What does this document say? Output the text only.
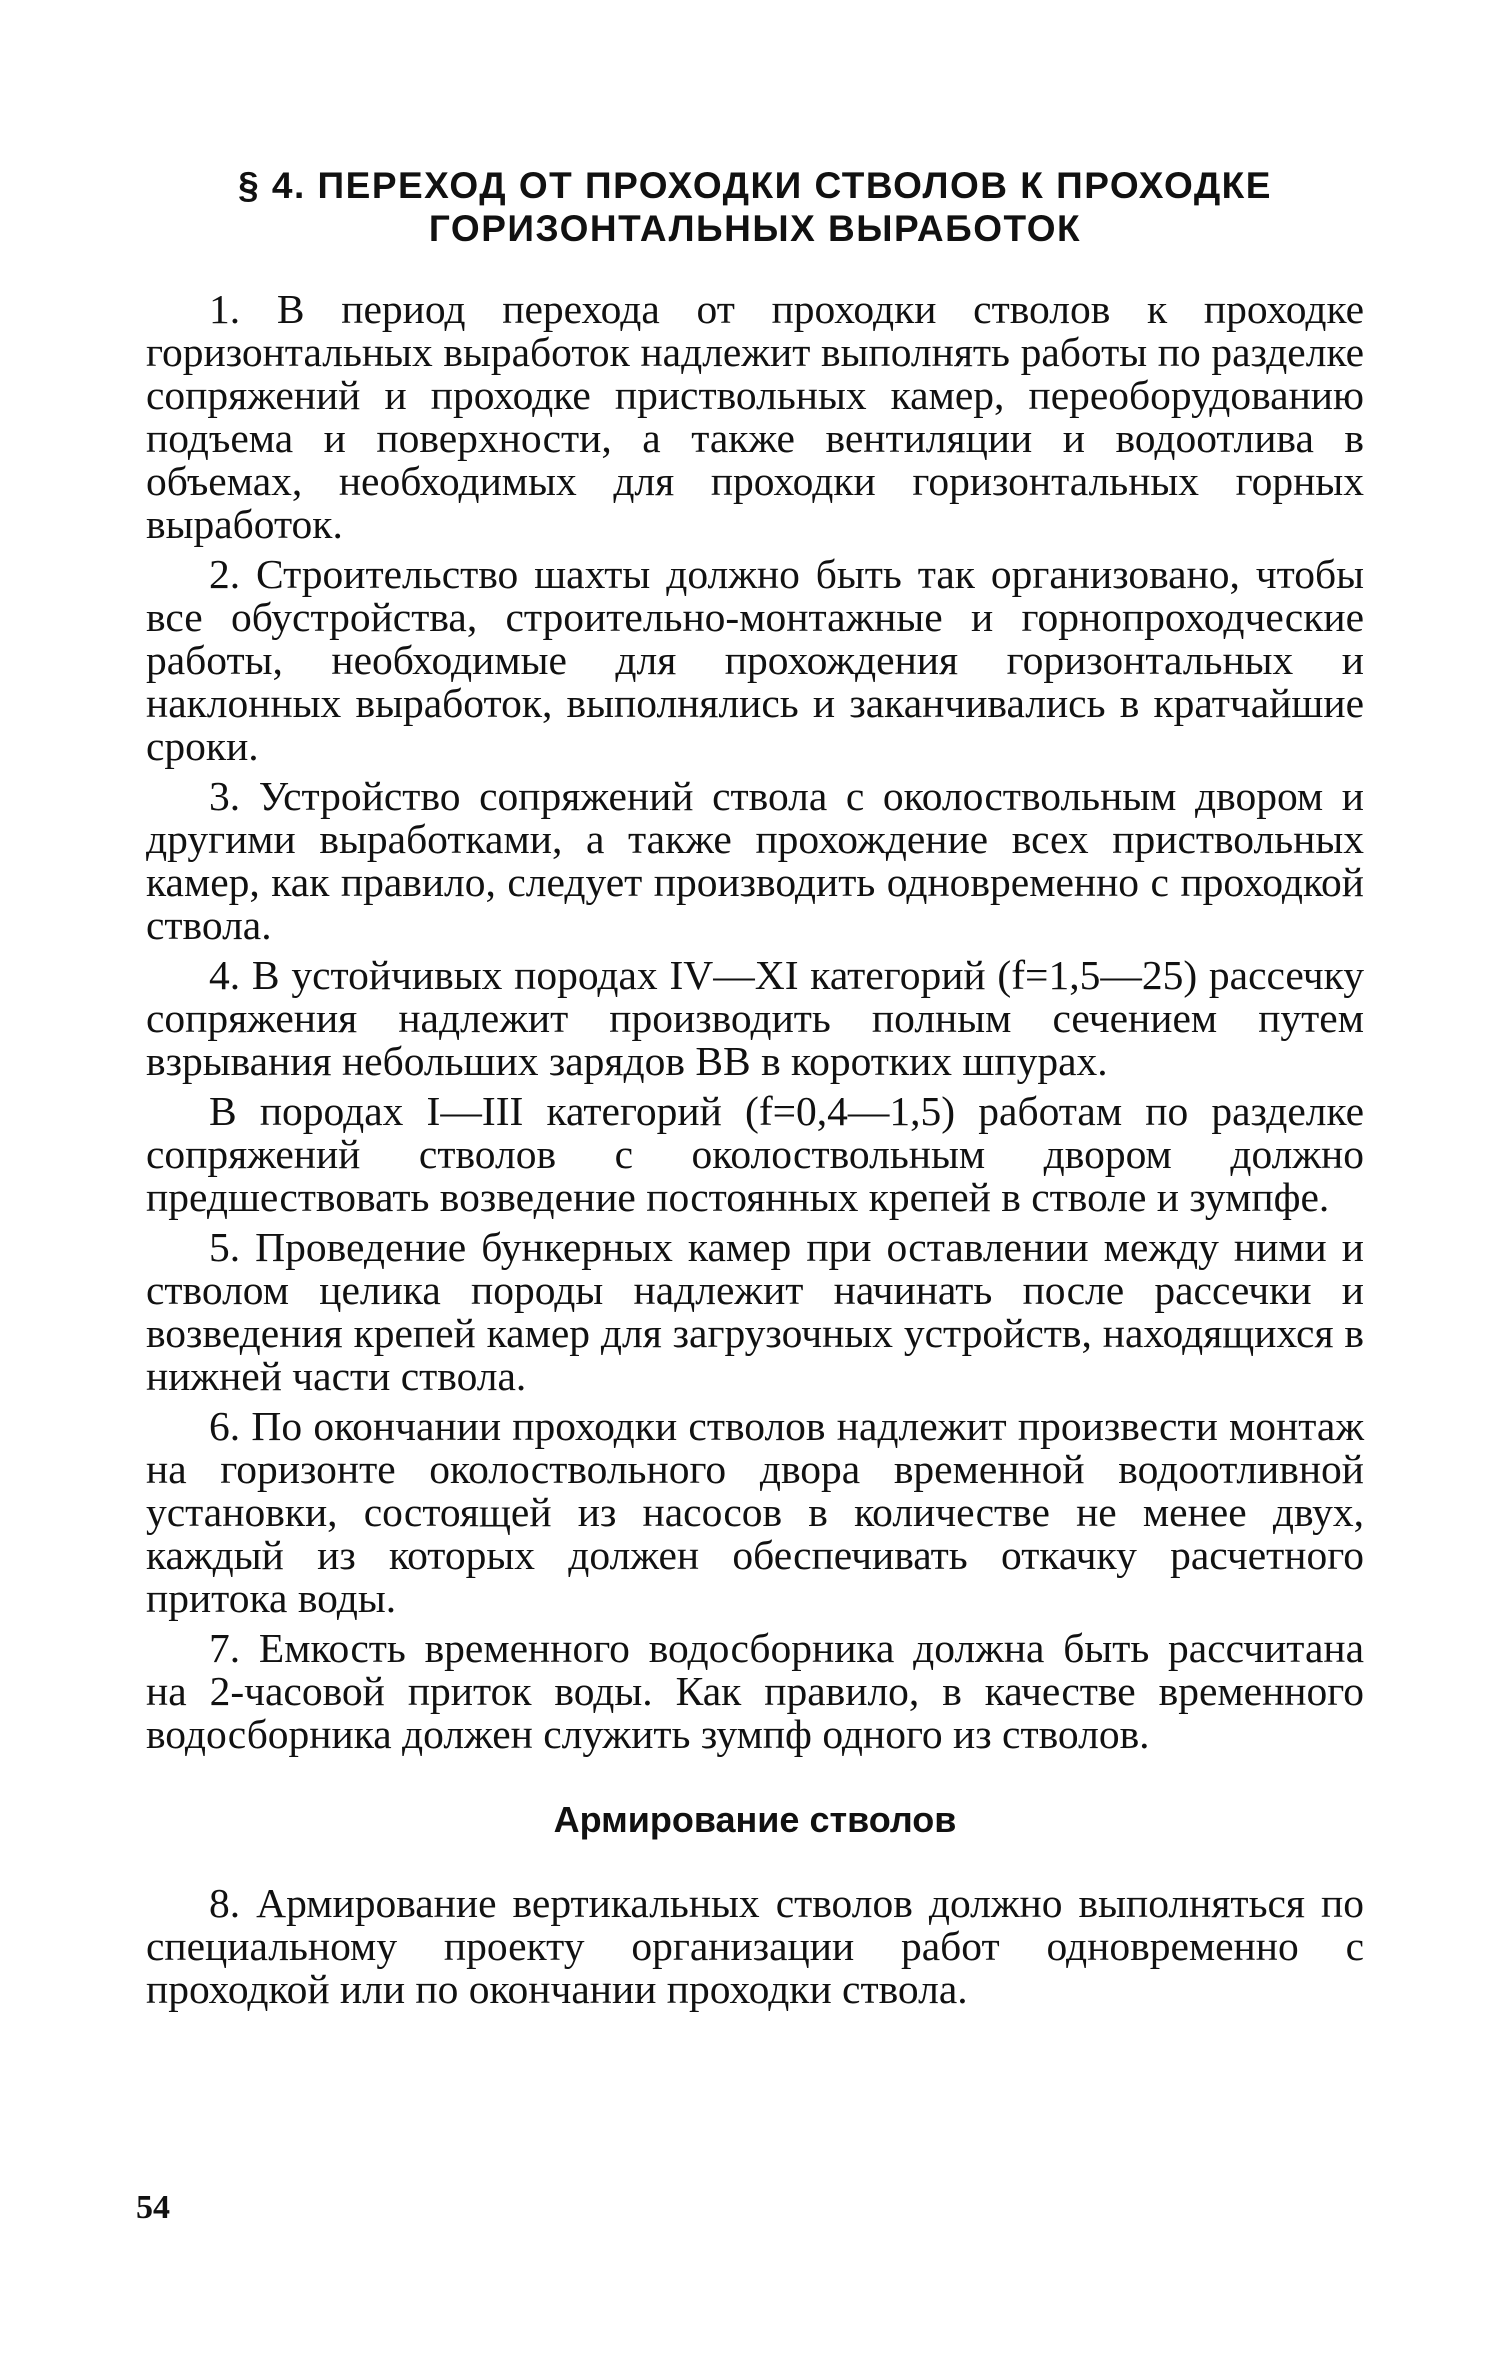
§ 4. ПЕРЕХОД ОТ ПРОХОДКИ СТВОЛОВ К ПРОХОДКЕ
ГОРИЗОНТАЛЬНЫХ ВЫРАБОТОК

1. В период перехода от проходки стволов к проходке горизонтальных выработок надлежит выполнять работы по разделке сопряжений и проходке приствольных камер, переоборудованию подъема и поверхности, а также вентиляции и водоотлива в объемах, необходимых для проходки горизонтальных горных выработок.

2. Строительство шахты должно быть так организовано, чтобы все обустройства, строительно-монтажные и горнопроходческие работы, необходимые для прохождения горизонтальных и наклонных выработок, выполнялись и заканчивались в кратчайшие сроки.

3. Устройство сопряжений ствола с околоствольным двором и другими выработками, а также прохождение всех приствольных камер, как правило, следует производить одновременно с проходкой ствола.

4. В устойчивых породах IV—XI категорий (f=1,5—25) рассечку сопряжения надлежит производить полным сечением путем взрывания небольших зарядов ВВ в коротких шпурах.

В породах I—III категорий (f=0,4—1,5) работам по разделке сопряжений стволов с околоствольным двором должно предшествовать возведение постоянных крепей в стволе и зумпфе.

5. Проведение бункерных камер при оставлении между ними и стволом целика породы надлежит начинать после рассечки и возведения крепей камер для загрузочных устройств, находящихся в нижней части ствола.

6. По окончании проходки стволов надлежит произвести монтаж на горизонте околоствольного двора временной водоотливной установки, состоящей из насосов в количестве не менее двух, каждый из которых должен обеспечивать откачку расчетного притока воды.

7. Емкость временного водосборника должна быть рассчитана на 2-часовой приток воды. Как правило, в качестве временного водосборника должен служить зумпф одного из стволов.

Армирование стволов

8. Армирование вертикальных стволов должно выполняться по специальному проекту организации работ одновременно с проходкой или по окончании проходки ствола.

54
